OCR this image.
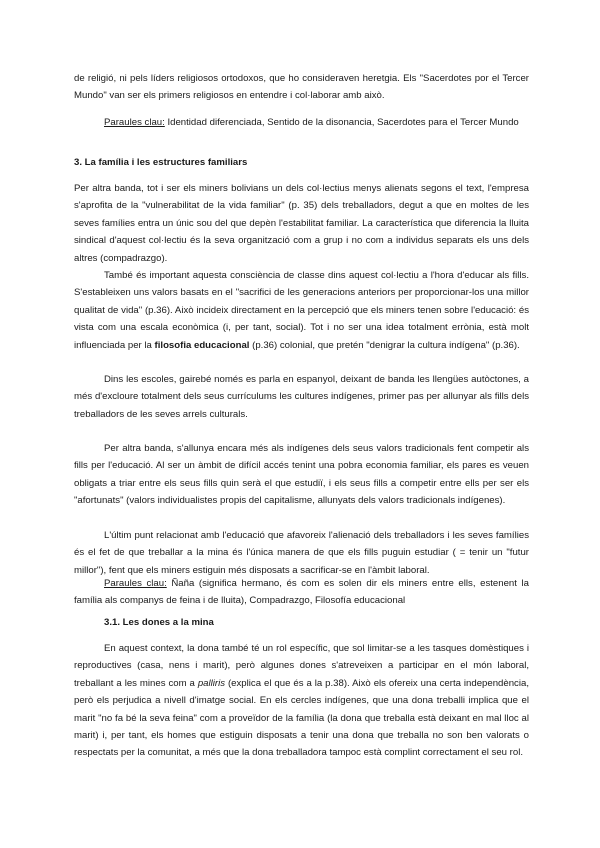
de religió, ni pels líders religiosos ortodoxos, que ho consideraven heretgia. Els "Sacerdotes por el Tercer Mundo" van ser els primers religiosos en entendre i col·laborar amb això.

Paraules clau: Identidad diferenciada, Sentido de la disonancia, Sacerdotes para el Tercer Mundo

3. La família i les estructures familiars

Per altra banda, tot i ser els miners bolivians un dels col·lectius menys alienats segons el text, l'empresa s'aprofita de la "vulnerabilitat de la vida familiar" (p. 35) dels treballadors, degut a que en moltes de les seves famílies entra un únic sou del que depèn l'estabilitat familiar. La característica que diferencia la lluita sindical d'aquest col·lectiu és la seva organització com a grup i no com a individus separats els uns dels altres (compadrazgo).

També és important aquesta consciència de classe dins aquest col·lectiu a l'hora d'educar als fills. S'estableixen uns valors basats en el "sacrifici de les generacions anteriors per proporcionar-los una millor qualitat de vida" (p.36). Això incideix directament en la percepció que els miners tenen sobre l'educació: és vista com una escala econòmica (i, per tant, social). Tot i no ser una idea totalment errònia, està molt influenciada per la filosofia educacional (p.36) colonial, que pretén "denigrar la cultura indígena" (p.36).

Dins les escoles, gairebé només es parla en espanyol, deixant de banda les llengües autòctones, a més d'excloure totalment dels seus currículums les cultures indígenes, primer pas per allunyar als fills dels treballadors de les seves arrels culturals.

Per altra banda, s'allunya encara més als indígenes dels seus valors tradicionals fent competir als fills per l'educació. Al ser un àmbit de difícil accés tenint una pobra economia familiar, els pares es veuen obligats a triar entre els seus fills quin serà el que estudiï, i els seus fills a competir entre ells per ser els "afortunats" (valors individualistes propis del capitalisme, allunyats dels valors tradicionals indígenes).

L'últim punt relacionat amb l'educació que afavoreix l'alienació dels treballadors i les seves famílies és el fet de que treballar a la mina és l'única manera de que els fills puguin estudiar ( = tenir un "futur millor"), fent que els miners estiguin més disposats a sacrificar-se en l'àmbit laboral.

Paraules clau: Ñaña (significa hermano, és com es solen dir els miners entre ells, estenent la família als companys de feina i de lluita), Compadrazgo, Filosofía educacional

3.1. Les dones a la mina

En aquest context, la dona també té un rol específic, que sol limitar-se a les tasques domèstiques i reproductives (casa, nens i marit), però algunes dones s'atreveixen a participar en el món laboral, treballant a les mines com a palliris (explica el que és a la p.38). Això els ofereix una certa independència, però els perjudica a nivell d'imatge social. En els cercles indígenes, que una dona treballi implica que el marit "no fa bé la seva feina" com a proveïdor de la família (la dona que treballa està deixant en mal lloc al marit) i, per tant, els homes que estiguin disposats a tenir una dona que treballa no son ben valorats o respectats per la comunitat, a més que la dona treballadora tampoc està complint correctament el seu rol.
